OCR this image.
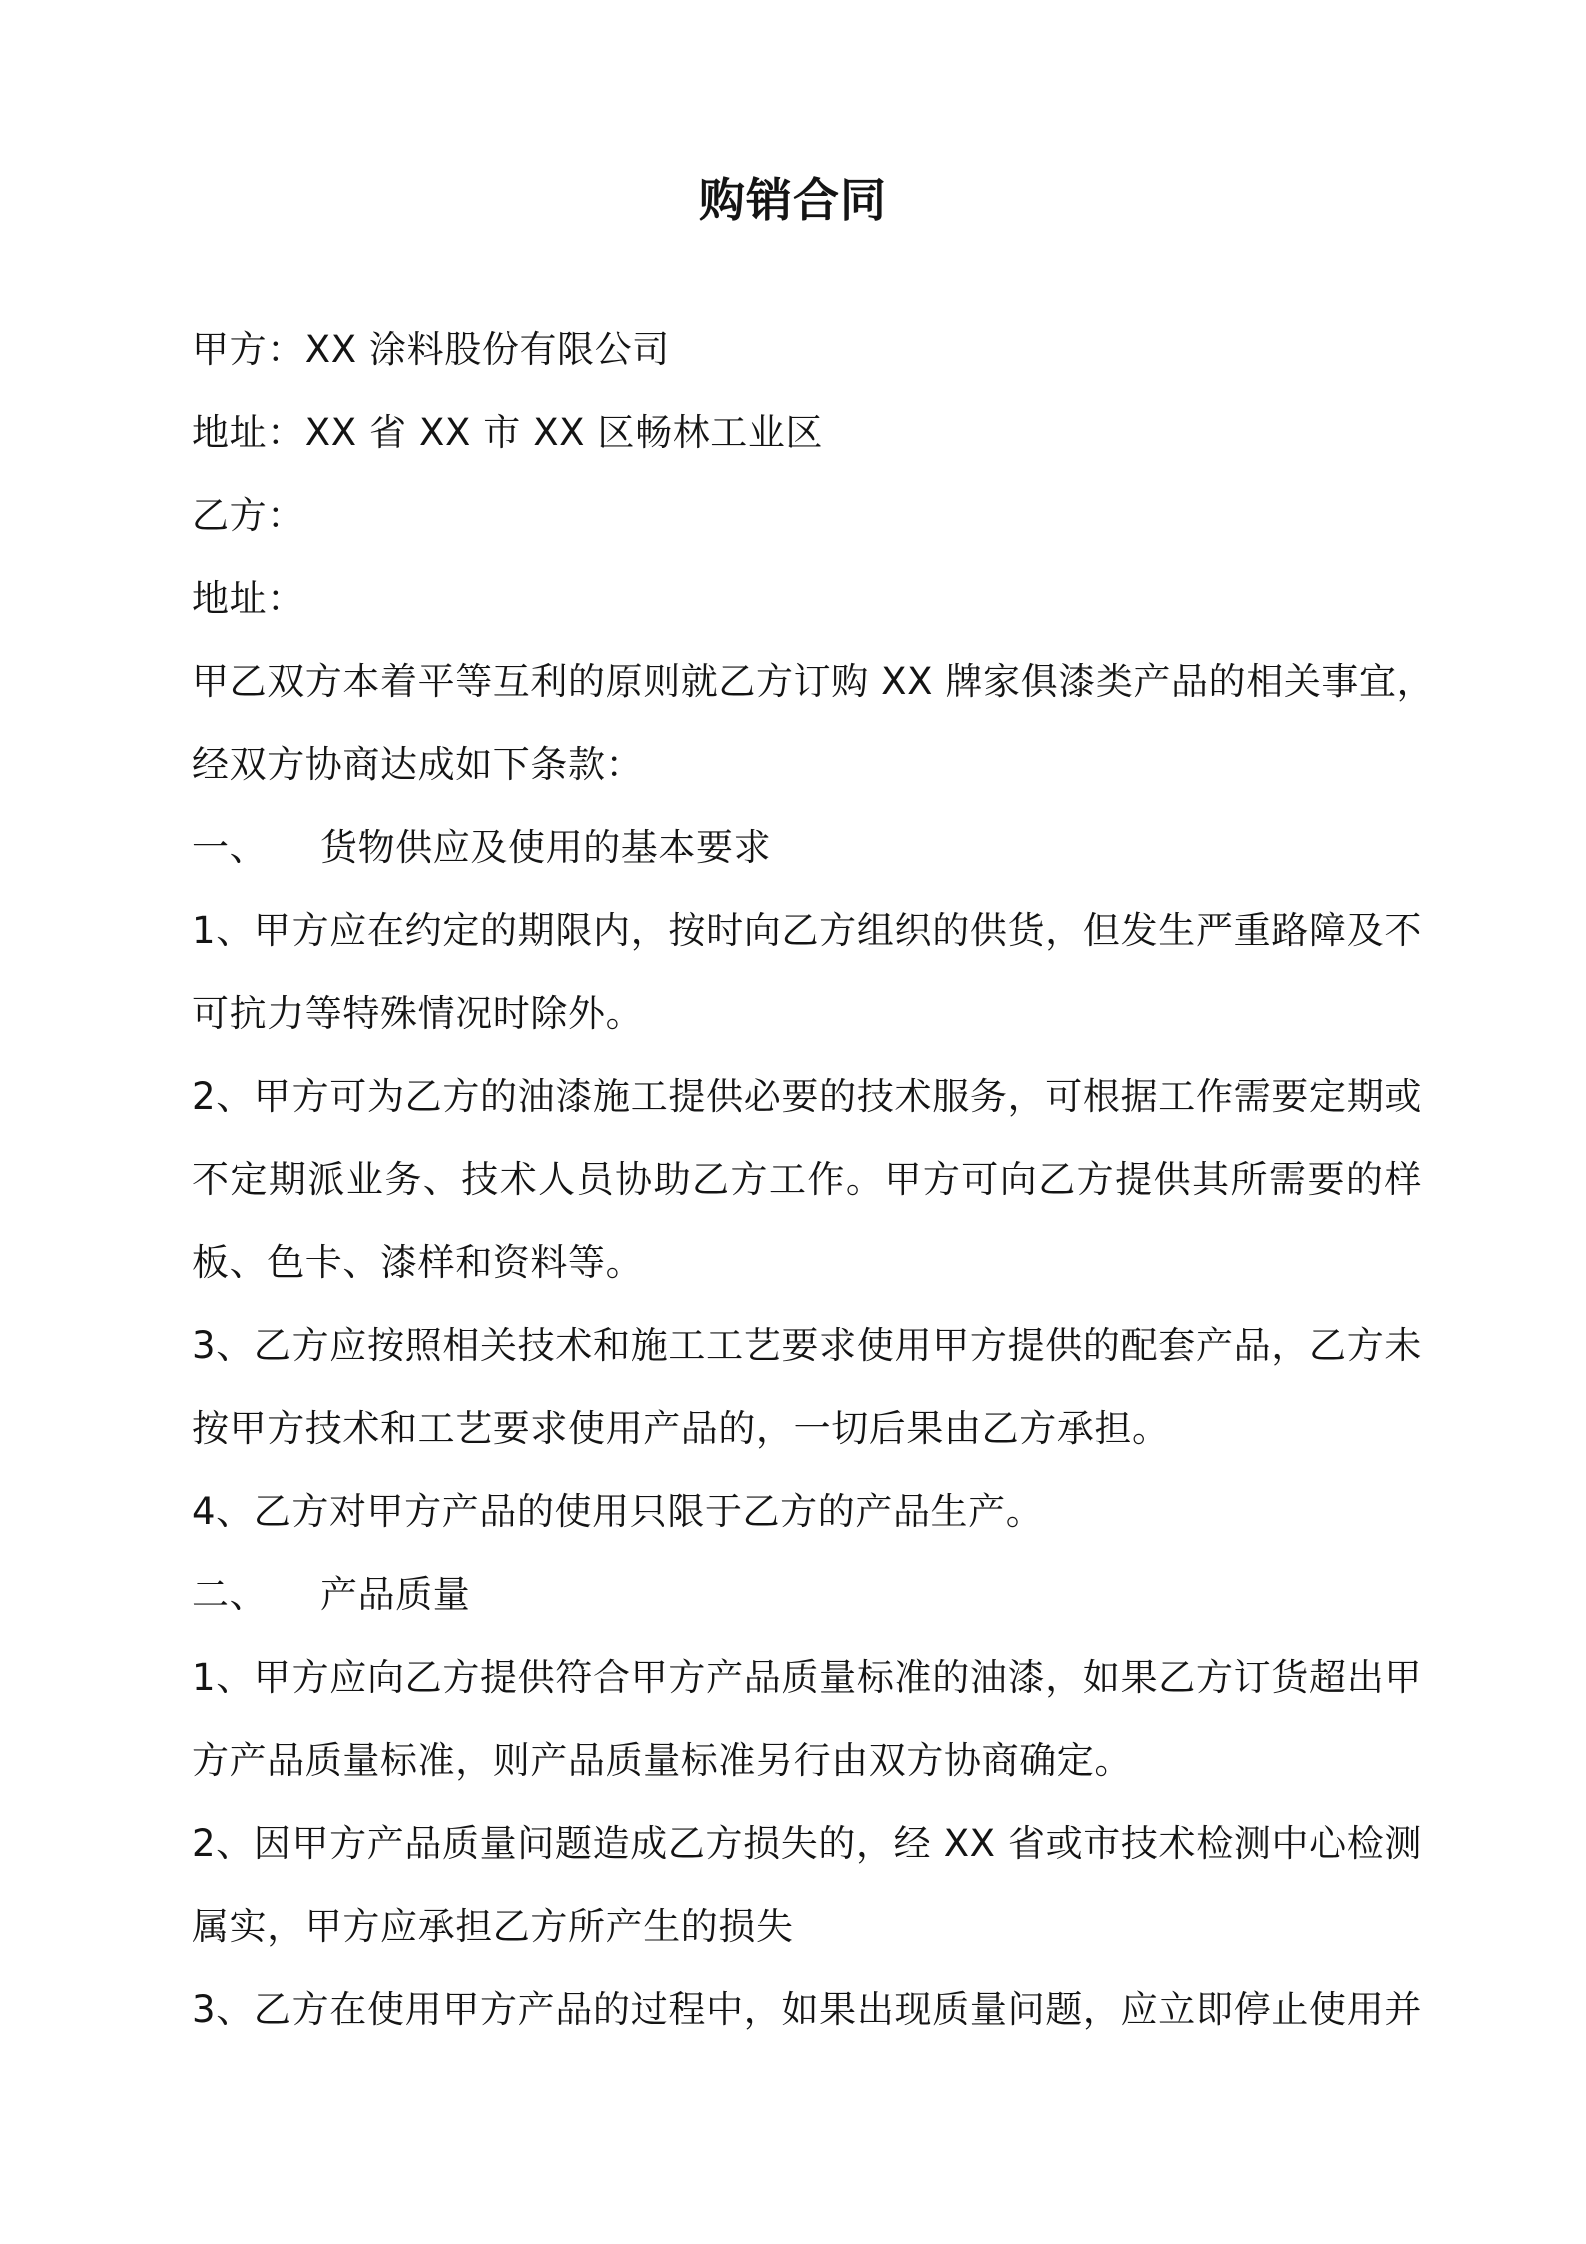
购销合同
甲方：XX 涂料股份有限公司
地址：XX 省 XX 市 XX 区畅林工业区
乙方：
地址：
甲乙双方本着平等互利的原则就乙方订购 XX 牌家俱漆类产品的相关事宜，
经双方协商达成如下条款：
一、 货物供应及使用的基本要求
1、甲方应在约定的期限内，按时向乙方组织的供货，但发生严重路障及不
可抗力等特殊情况时除外。
2、甲方可为乙方的油漆施工提供必要的技术服务，可根据工作需要定期或
不定期派业务、技术人员协助乙方工作。甲方可向乙方提供其所需要的样
板、色卡、漆样和资料等。
3、乙方应按照相关技术和施工工艺要求使用甲方提供的配套产品，乙方未
按甲方技术和工艺要求使用产品的，一切后果由乙方承担。
4、乙方对甲方产品的使用只限于乙方的产品生产。
二、 产品质量
1、甲方应向乙方提供符合甲方产品质量标准的油漆，如果乙方订货超出甲
方产品质量标准，则产品质量标准另行由双方协商确定。
2、因甲方产品质量问题造成乙方损失的，经 XX 省或市技术检测中心检测
属实，甲方应承担乙方所产生的损失
3、乙方在使用甲方产品的过程中，如果出现质量问题，应立即停止使用并
